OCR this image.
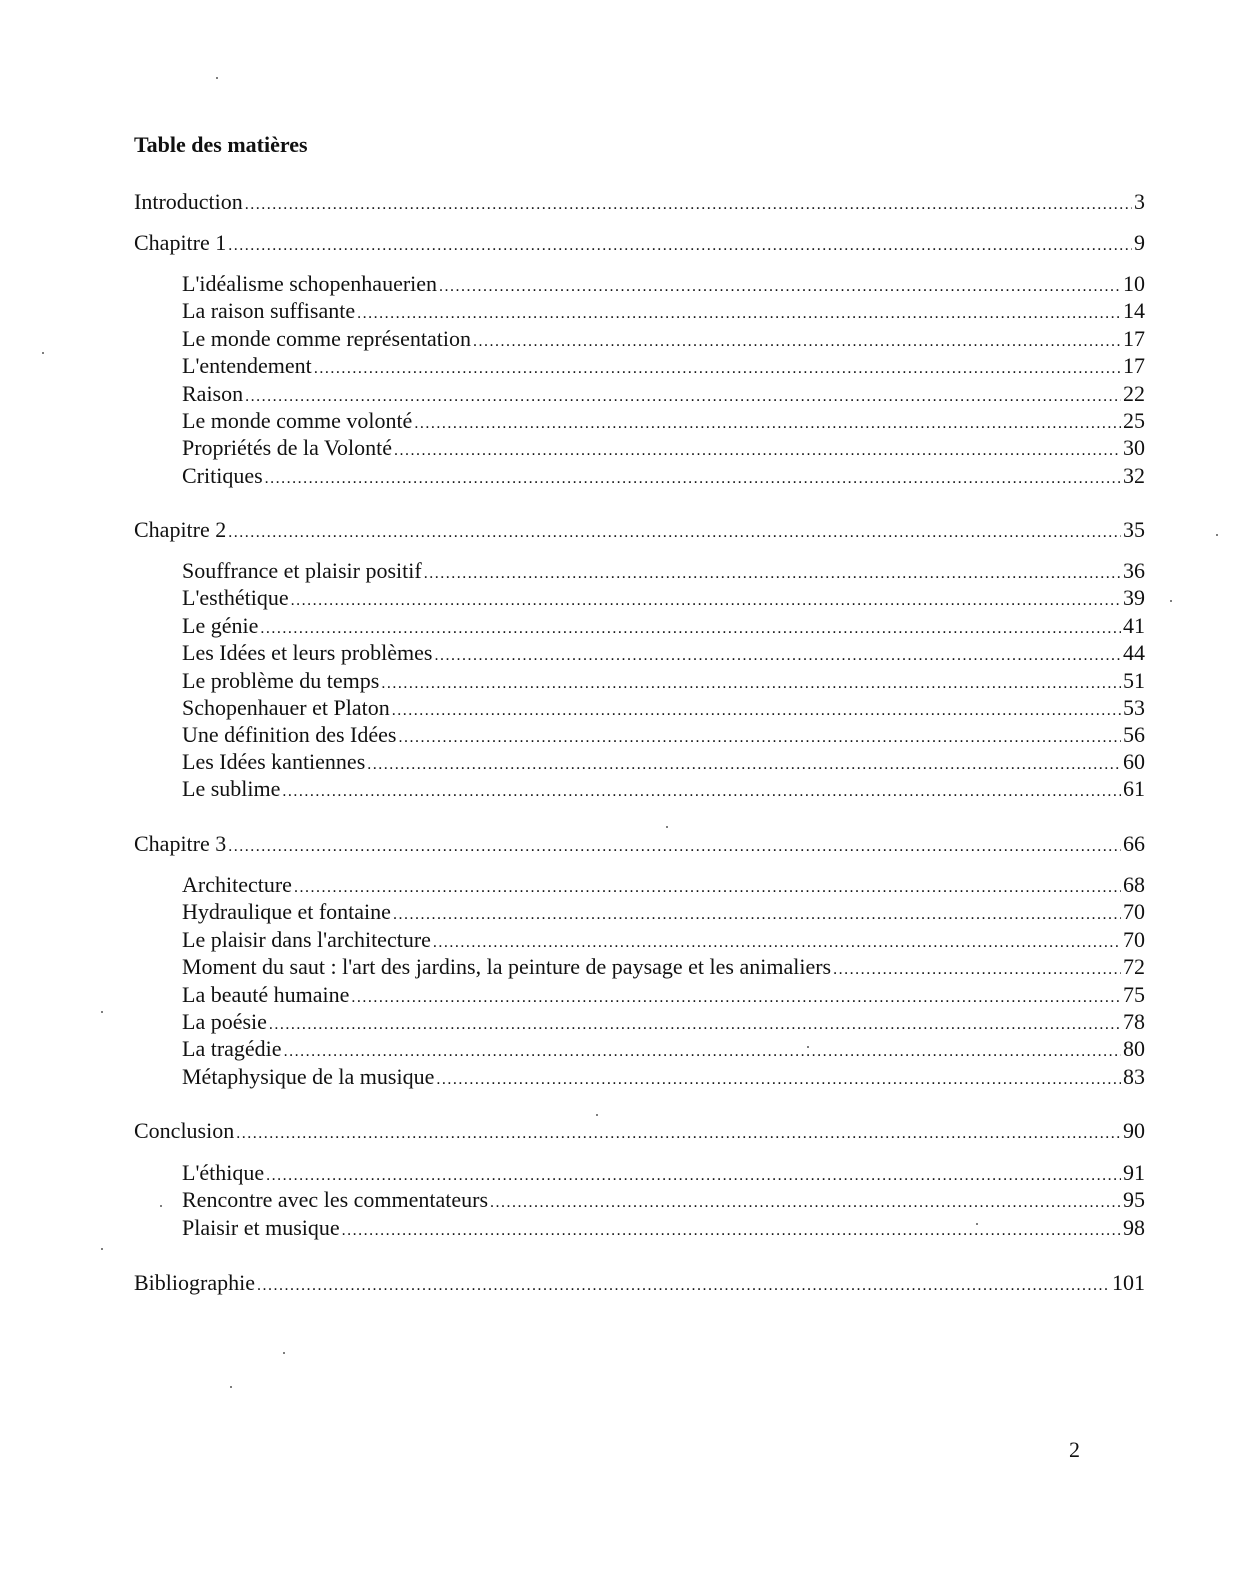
Table des matières
Introduction .....	3
Chapitre 1 .....	9
L'idéalisme schopenhauerien .....	10
La raison suffisante .....	14
Le monde comme représentation .....	17
L'entendement .....	17
Raison .....	22
Le monde comme volonté .....	25
Propriétés de la Volonté .....	30
Critiques .....	32
Chapitre 2 .....	35
Souffrance et plaisir positif .....	36
L'esthétique .....	39
Le génie .....	41
Les Idées et leurs problèmes .....	44
Le problème du temps .....	51
Schopenhauer et Platon .....	53
Une définition des Idées .....	56
Les Idées kantiennes .....	60
Le sublime .....	61
Chapitre 3 .....	66
Architecture .....	68
Hydraulique et fontaine .....	70
Le plaisir dans l'architecture .....	70
Moment du saut : l'art des jardins, la peinture de paysage et les animaliers .....	72
La beauté humaine .....	75
La poésie .....	78
La tragédie .....	80
Métaphysique de la musique .....	83
Conclusion .....	90
L'éthique .....	91
Rencontre avec les commentateurs .....	95
Plaisir et musique .....	98
Bibliographie .....	101
2
